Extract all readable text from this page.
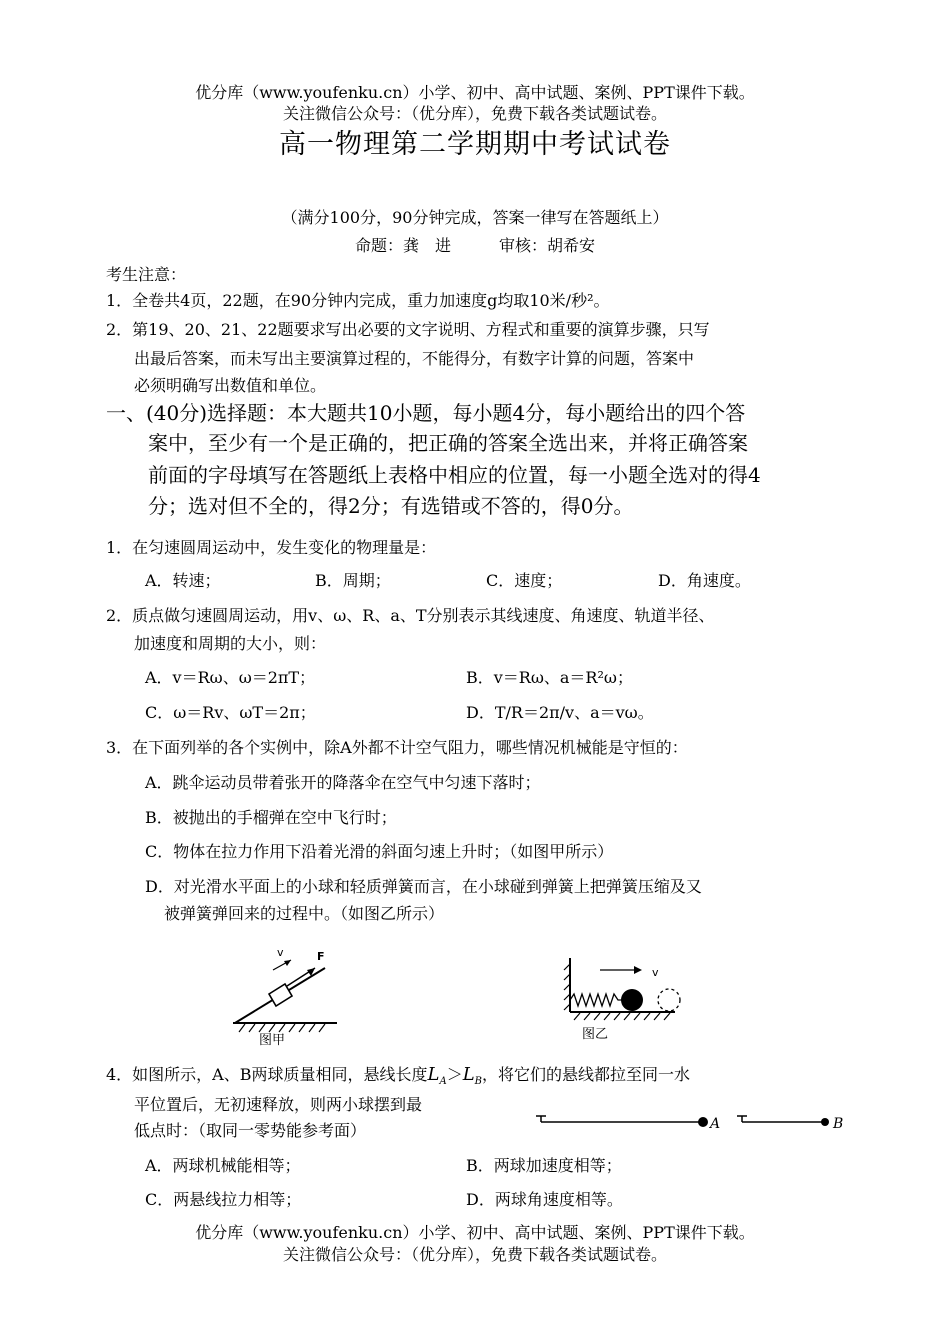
优分库（www.youfenku.cn）小学、初中、高中试题、案例、PPT课件下载。
关注微信公众号：（优分库），免费下载各类试题试卷。
高一物理第二学期期中考试试卷
（满分100分，90分钟完成，答案一律写在答题纸上）
命题：龚　进　　　审核：胡希安
考生注意：
1．全卷共4页，22题，在90分钟内完成，重力加速度g均取10米/秒²。
2．第19、20、21、22题要求写出必要的文字说明、方程式和重要的演算步骤，只写
出最后答案，而未写出主要演算过程的，不能得分，有数字计算的问题，答案中
必须明确写出数值和单位。
一、(40分)选择题：本大题共10小题，每小题4分，每小题给出的四个答
案中，至少有一个是正确的，把正确的答案全选出来，并将正确答案
前面的字母填写在答题纸上表格中相应的位置，每一小题全选对的得4
分；选对但不全的，得2分；有选错或不答的，得0分。
1．在匀速圆周运动中，发生变化的物理量是：
A．转速；	B．周期；	C．速度；	D．角速度。
2．质点做匀速圆周运动，用v、ω、R、a、T分别表示其线速度、角速度、轨道半径、
加速度和周期的大小，则：
A．v＝Rω、ω＝2πT；	B．v＝Rω、a＝R²ω；
C．ω＝Rv、ωT＝2π；	D．T/R＝2π/v、a＝vω。
3．在下面列举的各个实例中，除A外都不计空气阻力，哪些情况机械能是守恒的：
A．跳伞运动员带着张开的降落伞在空气中匀速下落时；
B．被抛出的手榴弹在空中飞行时；
C．物体在拉力作用下沿着光滑的斜面匀速上升时；（如图甲所示）
D．对光滑水平面上的小球和轻质弹簧而言，在小球碰到弹簧上把弹簧压缩及又
被弹簧弹回来的过程中。（如图乙所示）
v	F
图甲
v
图乙
4．如图所示，A、B两球质量相同，悬线长度$L_A>L_B$，将它们的悬线都拉至同一水
平位置后，无初速释放，则两小球摆到最
低点时：（取同一零势能参考面）	A	B
A．两球机械能相等；	B．两球加速度相等；
C．两悬线拉力相等；	D．两球角速度相等。
优分库（www.youfenku.cn）小学、初中、高中试题、案例、PPT课件下载。
关注微信公众号：（优分库），免费下载各类试题试卷。
